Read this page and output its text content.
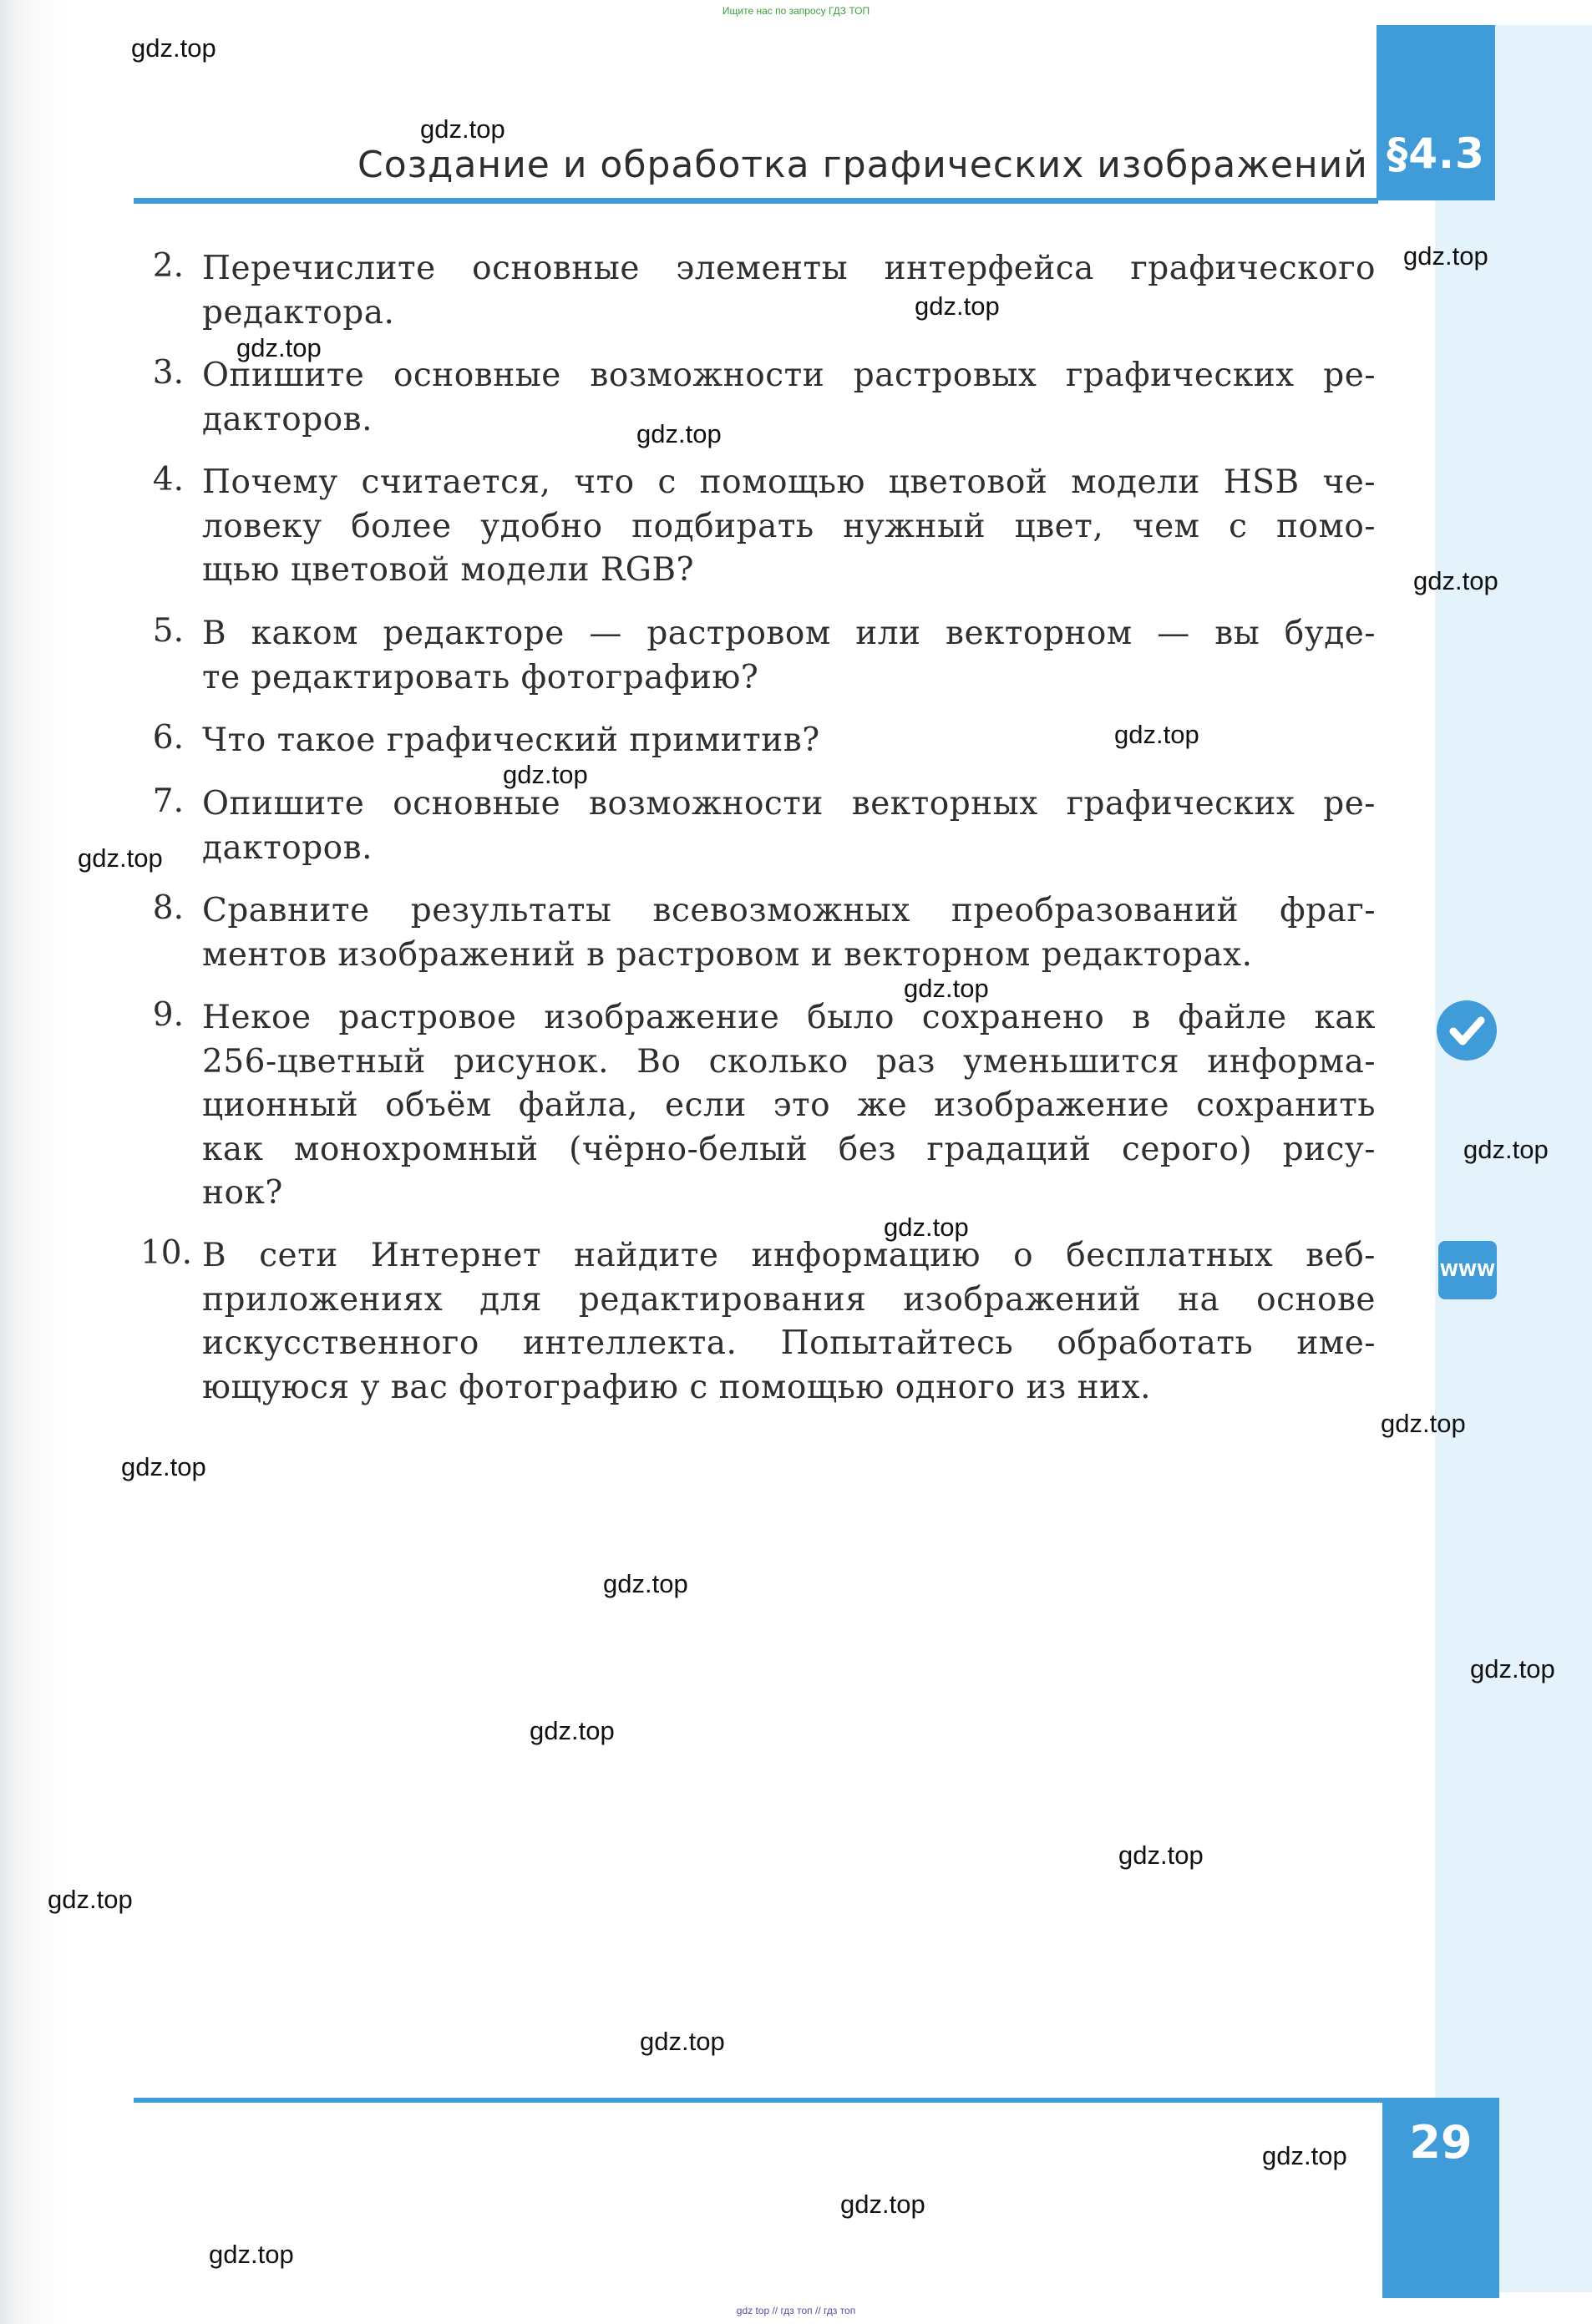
Ищите нас по запросу ГДЗ ТОП
§4.3
Создание и обработка графических изображений
2. Перечислите основные элементы интерфейса графического
редактора.
3. Опишите основные возможности растровых графических ре-
дакторов.
4. Почему считается, что с помощью цветовой модели HSB че-
ловеку более удобно подбирать нужный цвет, чем с помо-
щью цветовой модели RGB?
5. В каком редакторе — растровом или векторном — вы буде-
те редактировать фотографию?
6. Что такое графический примитив?
7. Опишите основные возможности векторных графических ре-
дакторов.
8. Сравните результаты всевозможных преобразований фраг-
ментов изображений в растровом и векторном редакторах.
9. Некое растровое изображение было сохранено в файле как
256-цветный рисунок. Во сколько раз уменьшится информа-
ционный объём файла, если это же изображение сохранить
как монохромный (чёрно-белый без градаций серого) рису-
нок?
10. В сети Интернет найдите информацию о бесплатных веб-
приложениях для редактирования изображений на основе
искусственного интеллекта. Попытайтесь обработать име-
ющуюся у вас фотографию с помощью одного из них.
WWW
29
gdz.top
gdz.top
gdz.top
gdz.top
gdz.top
gdz.top
gdz.top
gdz.top
gdz.top
gdz.top
gdz.top
gdz.top
gdz.top
gdz.top
gdz.top
gdz.top
gdz.top
gdz.top
gdz.top
gdz.top
gdz.top
gdz.top
gdz.top
gdz.top
gdz top // гдз топ // гдз топ
